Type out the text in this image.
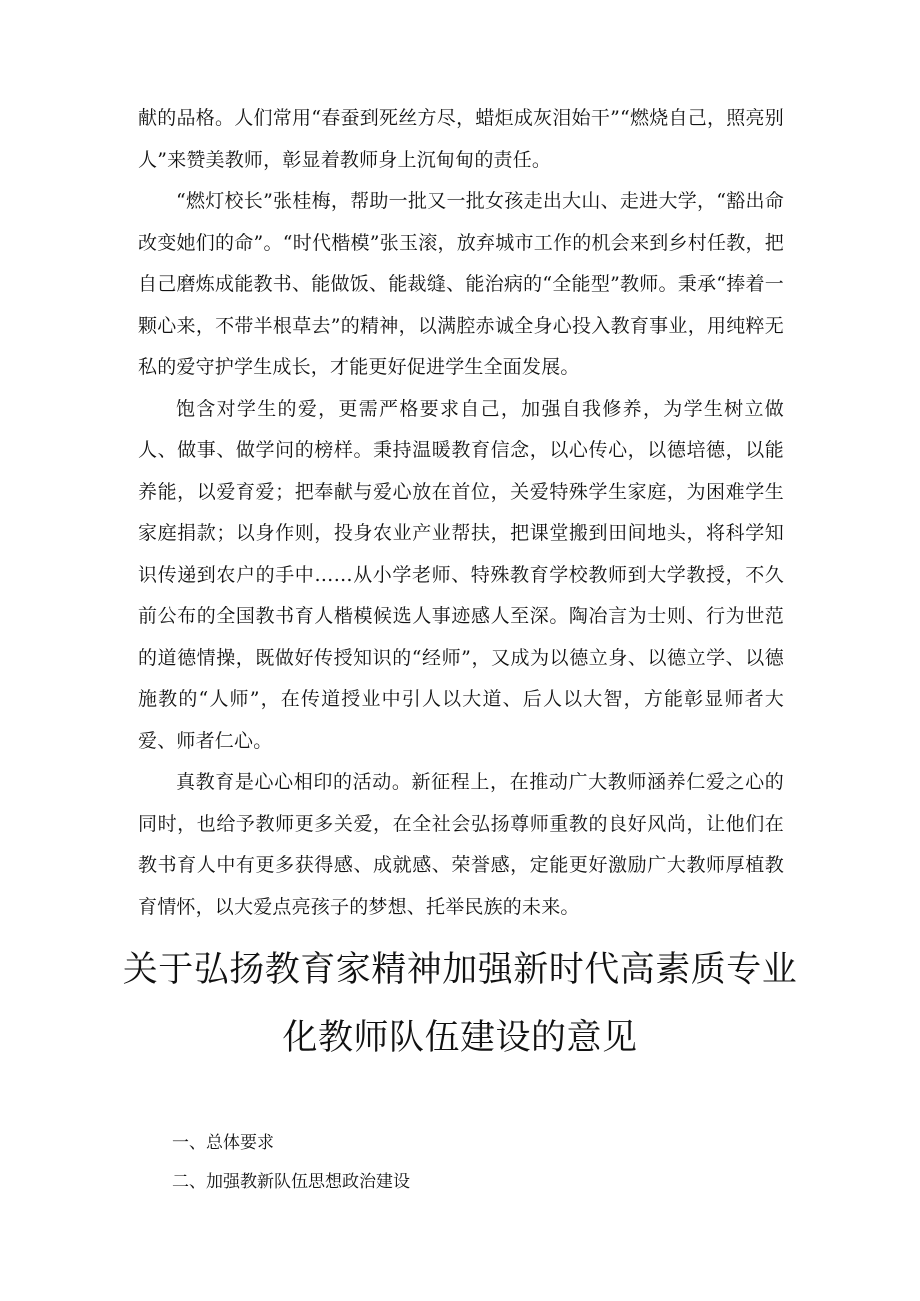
献的品格。人们常用“春蚕到死丝方尽，蜡炬成灰泪始干”“燃烧自己，照亮别人”来赞美教师，彰显着教师身上沉甸甸的责任。

“燃灯校长”张桂梅，帮助一批又一批女孩走出大山、走进大学，“豁出命改变她们的命”。“时代楷模”张玉滚，放弃城市工作的机会来到乡村任教，把自己磨炼成能教书、能做饭、能裁缝、能治病的“全能型”教师。秉承“捧着一颗心来，不带半根草去”的精神，以满腔赤诚全身心投入教育事业，用纯粹无私的爱守护学生成长，才能更好促进学生全面发展。

饱含对学生的爱，更需严格要求自己，加强自我修养，为学生树立做人、做事、做学问的榜样。秉持温暖教育信念，以心传心，以德培德，以能养能，以爱育爱；把奉献与爱心放在首位，关爱特殊学生家庭，为困难学生家庭捐款；以身作则，投身农业产业帮扶，把课堂搬到田间地头，将科学知识传递到农户的手中……从小学老师、特殊教育学校教师到大学教授，不久前公布的全国教书育人楷模候选人事迹感人至深。陶冶言为士则、行为世范的道德情操，既做好传授知识的“经师”，又成为以德立身、以德立学、以德施教的“人师”，在传道授业中引人以大道、后人以大智，方能彰显师者大爱、师者仁心。

真教育是心心相印的活动。新征程上，在推动广大教师涵养仁爱之心的同时，也给予教师更多关爱，在全社会弘扬尊师重教的良好风尚，让他们在教书育人中有更多获得感、成就感、荣誉感，定能更好激励广大教师厚植教育情怀，以大爱点亮孩子的梦想、托举民族的未来。

关于弘扬教育家精神加强新时代高素质专业化教师队伍建设的意见
一、总体要求
二、加强教新队伍思想政治建设
